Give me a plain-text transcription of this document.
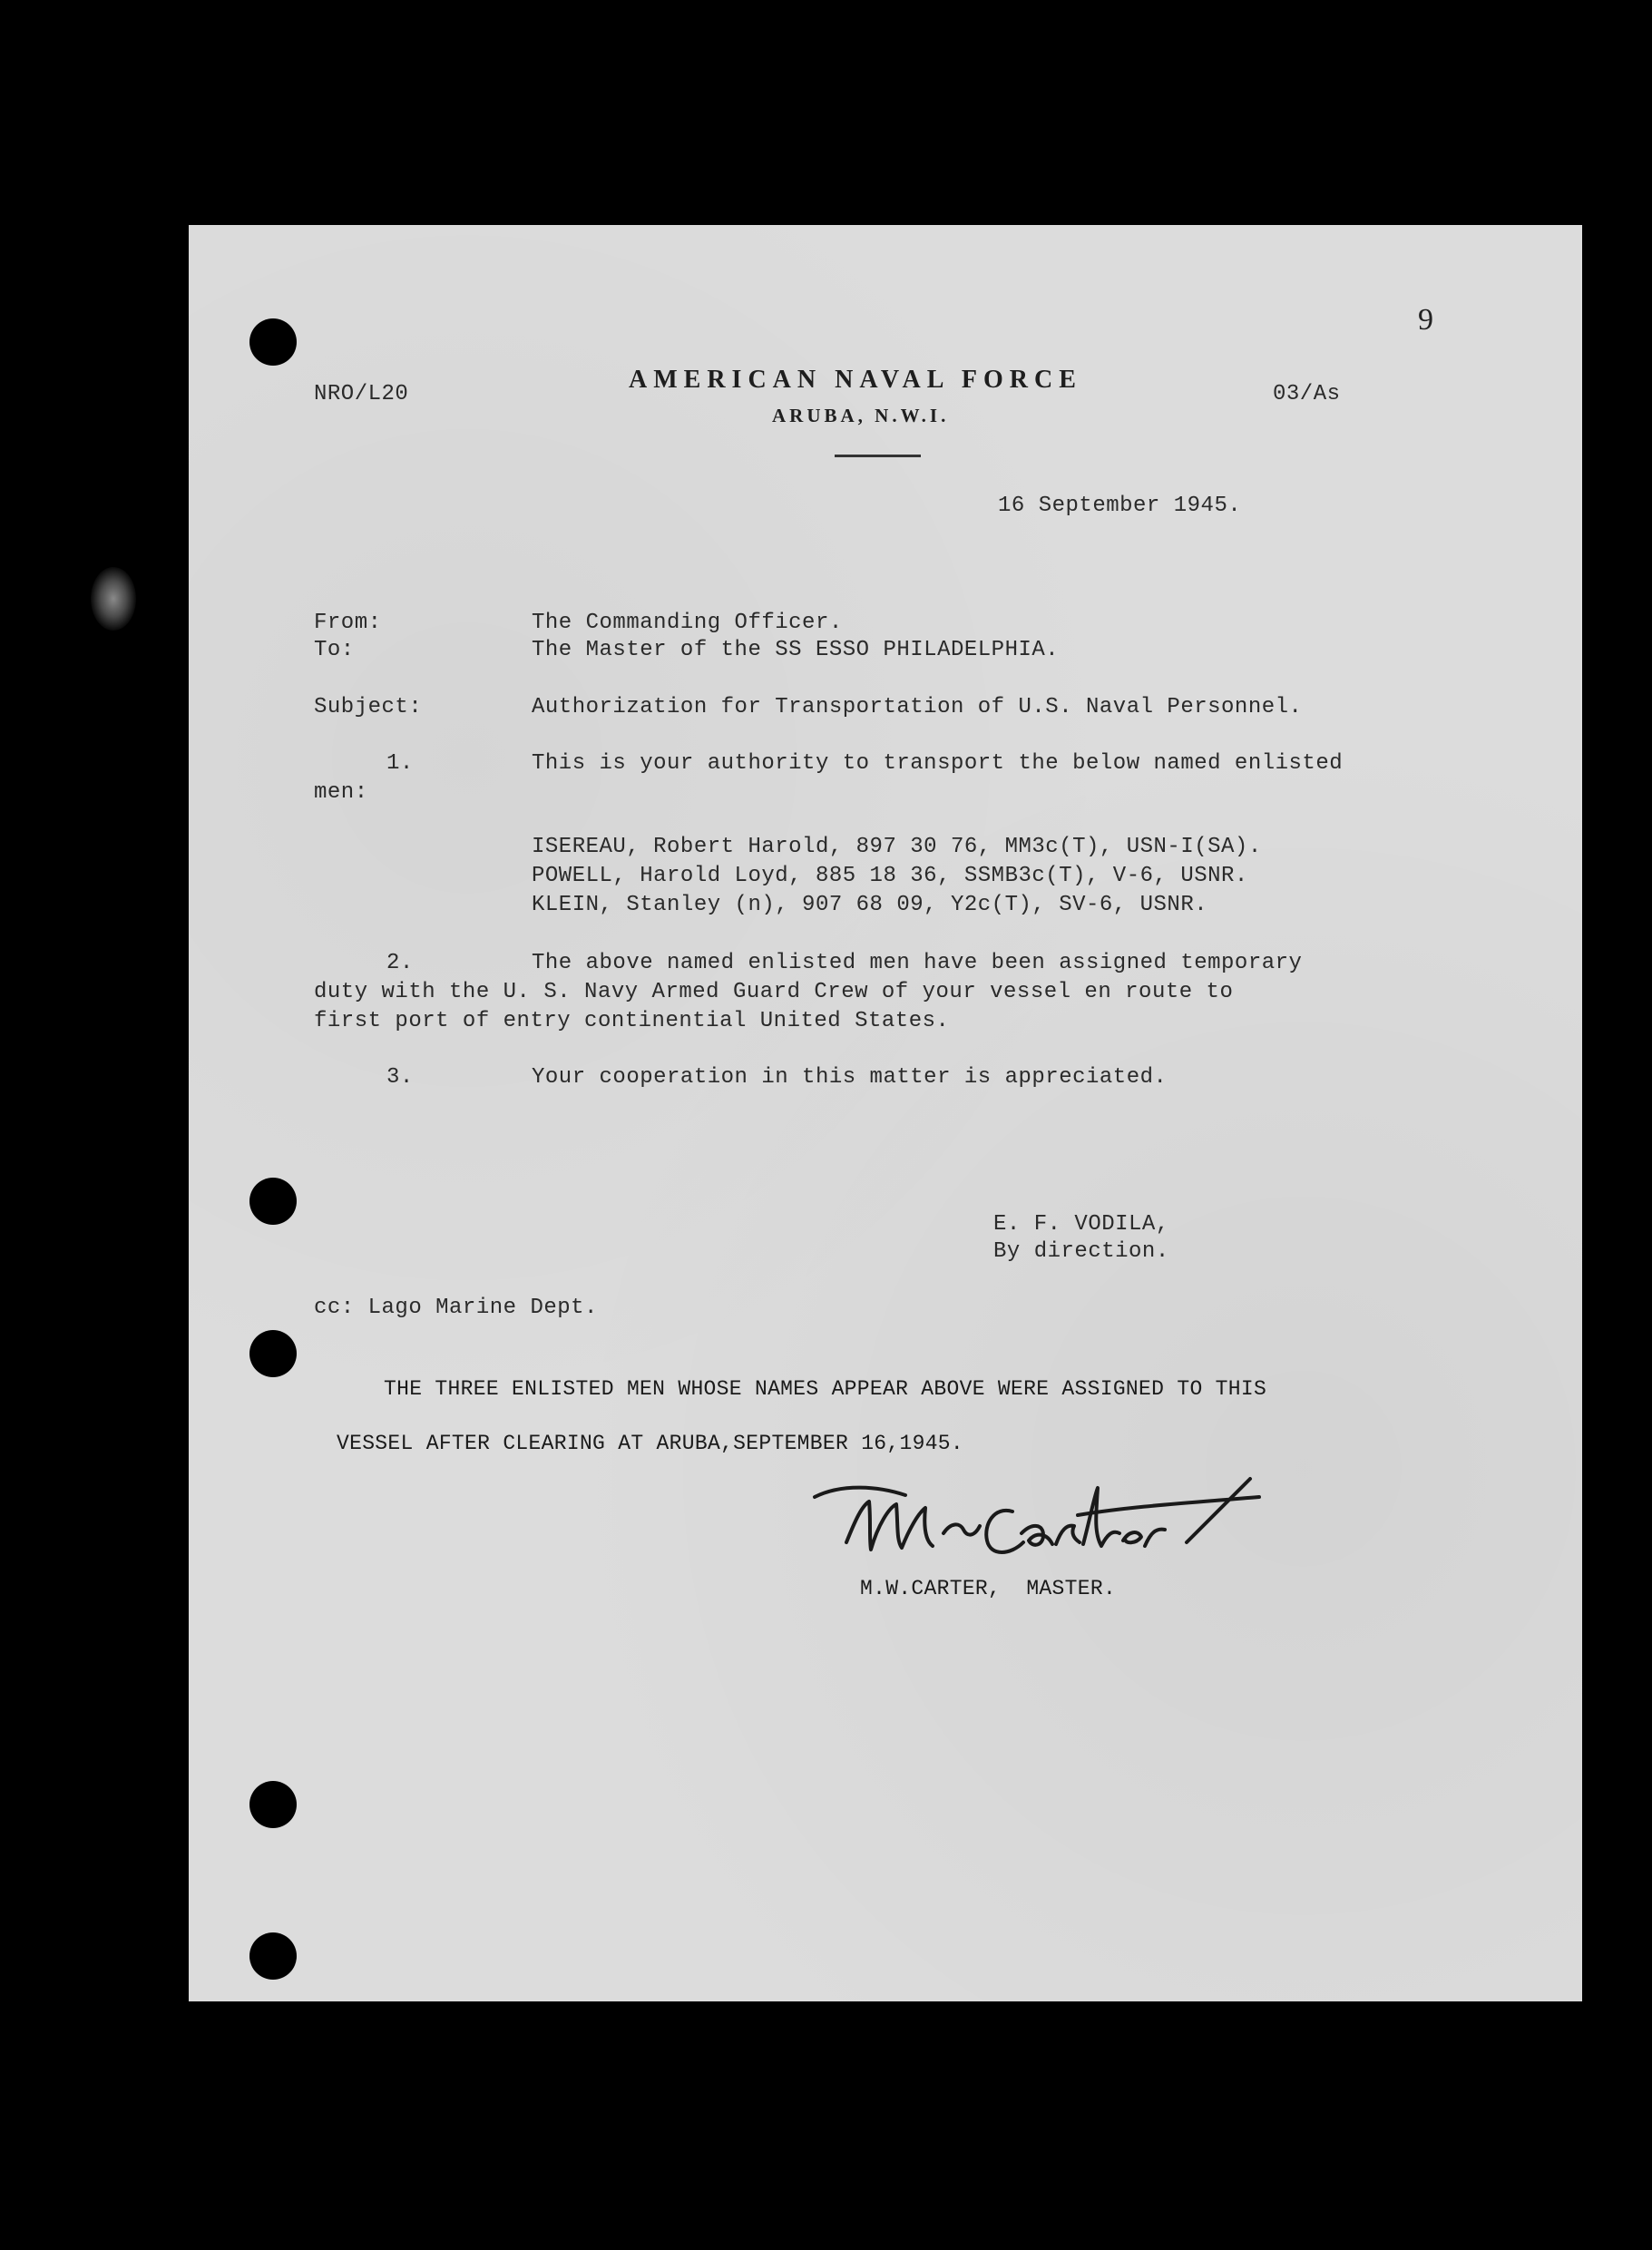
9
NRO/L20
AMERICAN NAVAL FORCE
ARUBA, N.W.I.
03/As
16 September 1945.
From:	The Commanding Officer.
To:	The Master of the SS ESSO PHILADELPHIA.
Subject:	Authorization for Transportation of U.S. Naval Personnel.
1.	This is your authority to transport the below named enlisted
men:
ISEREAU, Robert Harold, 897 30 76, MM3c(T), USN-I(SA).
POWELL, Harold Loyd, 885 18 36, SSMB3c(T), V-6, USNR.
KLEIN, Stanley (n), 907 68 09, Y2c(T), SV-6, USNR.
2.	The above named enlisted men have been assigned temporary
duty with the U. S. Navy Armed Guard Crew of your vessel en route to
first port of entry continential United States.
3.	Your cooperation in this matter is appreciated.
E. F. VODILA,
By direction.
cc: Lago Marine Dept.
THE THREE ENLISTED MEN WHOSE NAMES APPEAR ABOVE WERE ASSIGNED TO THIS
VESSEL AFTER CLEARING AT ARUBA,SEPTEMBER 16,1945.
M.W.CARTER,  MASTER.
